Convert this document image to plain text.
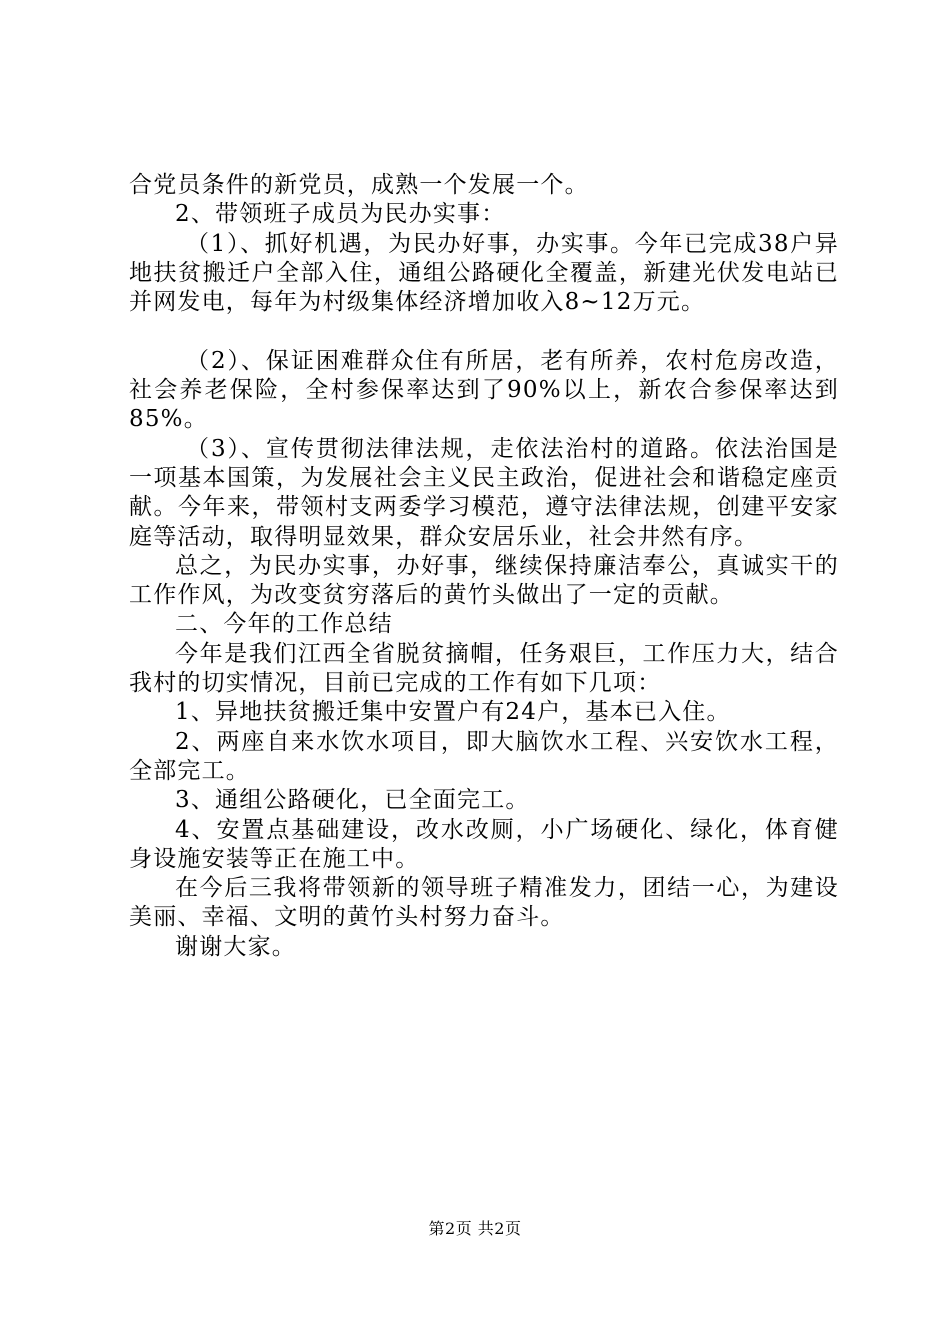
合党员条件的新党员，成熟一个发展一个。

2、带领班子成员为民办实事：

（1）、抓好机遇，为民办好事，办实事。今年已完成38户异地扶贫搬迁户全部入住，通组公路硬化全覆盖，新建光伏发电站已并网发电，每年为村级集体经济增加收入8~12万元。

（2）、保证困难群众住有所居，老有所养，农村危房改造，社会养老保险，全村参保率达到了90%以上，新农合参保率达到85%。

（3）、宣传贯彻法律法规，走依法治村的道路。依法治国是一项基本国策，为发展社会主义民主政治，促进社会和谐稳定座贡献。今年来，带领村支两委学习模范，遵守法律法规，创建平安家庭等活动，取得明显效果，群众安居乐业，社会井然有序。

总之，为民办实事，办好事，继续保持廉洁奉公，真诚实干的工作作风，为改变贫穷落后的黄竹头做出了一定的贡献。

二、今年的工作总结

今年是我们江西全省脱贫摘帽，任务艰巨，工作压力大，结合我村的切实情况，目前已完成的工作有如下几项：

1、异地扶贫搬迁集中安置户有24户，基本已入住。

2、两座自来水饮水项目，即大脑饮水工程、兴安饮水工程，全部完工。

3、通组公路硬化，已全面完工。

4、安置点基础建设，改水改厕，小广场硬化、绿化，体育健身设施安装等正在施工中。

在今后三我将带领新的领导班子精准发力，团结一心，为建设美丽、幸福、文明的黄竹头村努力奋斗。

谢谢大家。

第2页 共2页
